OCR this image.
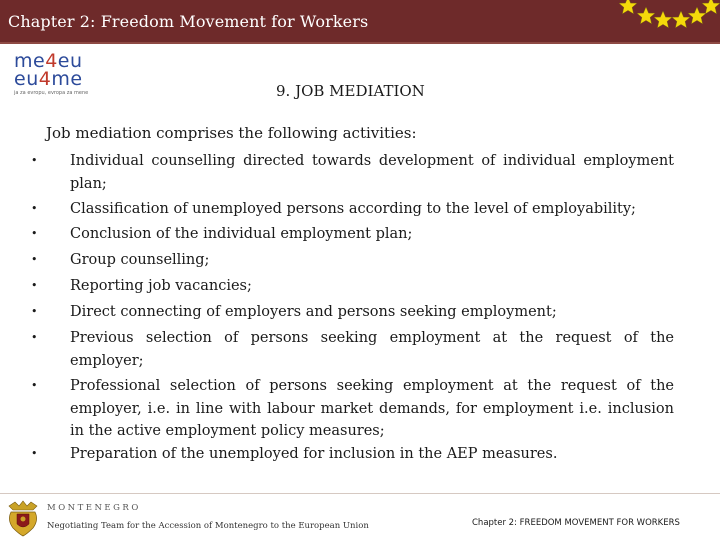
Chapter 2: Freedom Movement for Workers
me4eu
eu4me
ja za evropu, evropa za mene	9. JOB MEDIATION
Job mediation comprises the following activities:
• Individual counselling directed towards development of individual employment plan;
• Classification of unemployed persons according to the level of employability;
• Conclusion of the individual employment plan;
• Group counselling;
• Reporting job vacancies;
• Direct connecting of employers and persons seeking employment;
• Previous selection of persons seeking employment at the request of the employer;
• Professional selection of persons seeking employment at the request of the employer, i.e. in line with labour market demands, for employment i.e. inclusion in the active employment policy measures;
• Preparation of the unemployed for inclusion in the AEP measures.
MONTENEGRO
Negotiating Team for the Accession of Montenegro to the European Union	Chapter 2: FREEDOM MOVEMENT FOR WORKERS
